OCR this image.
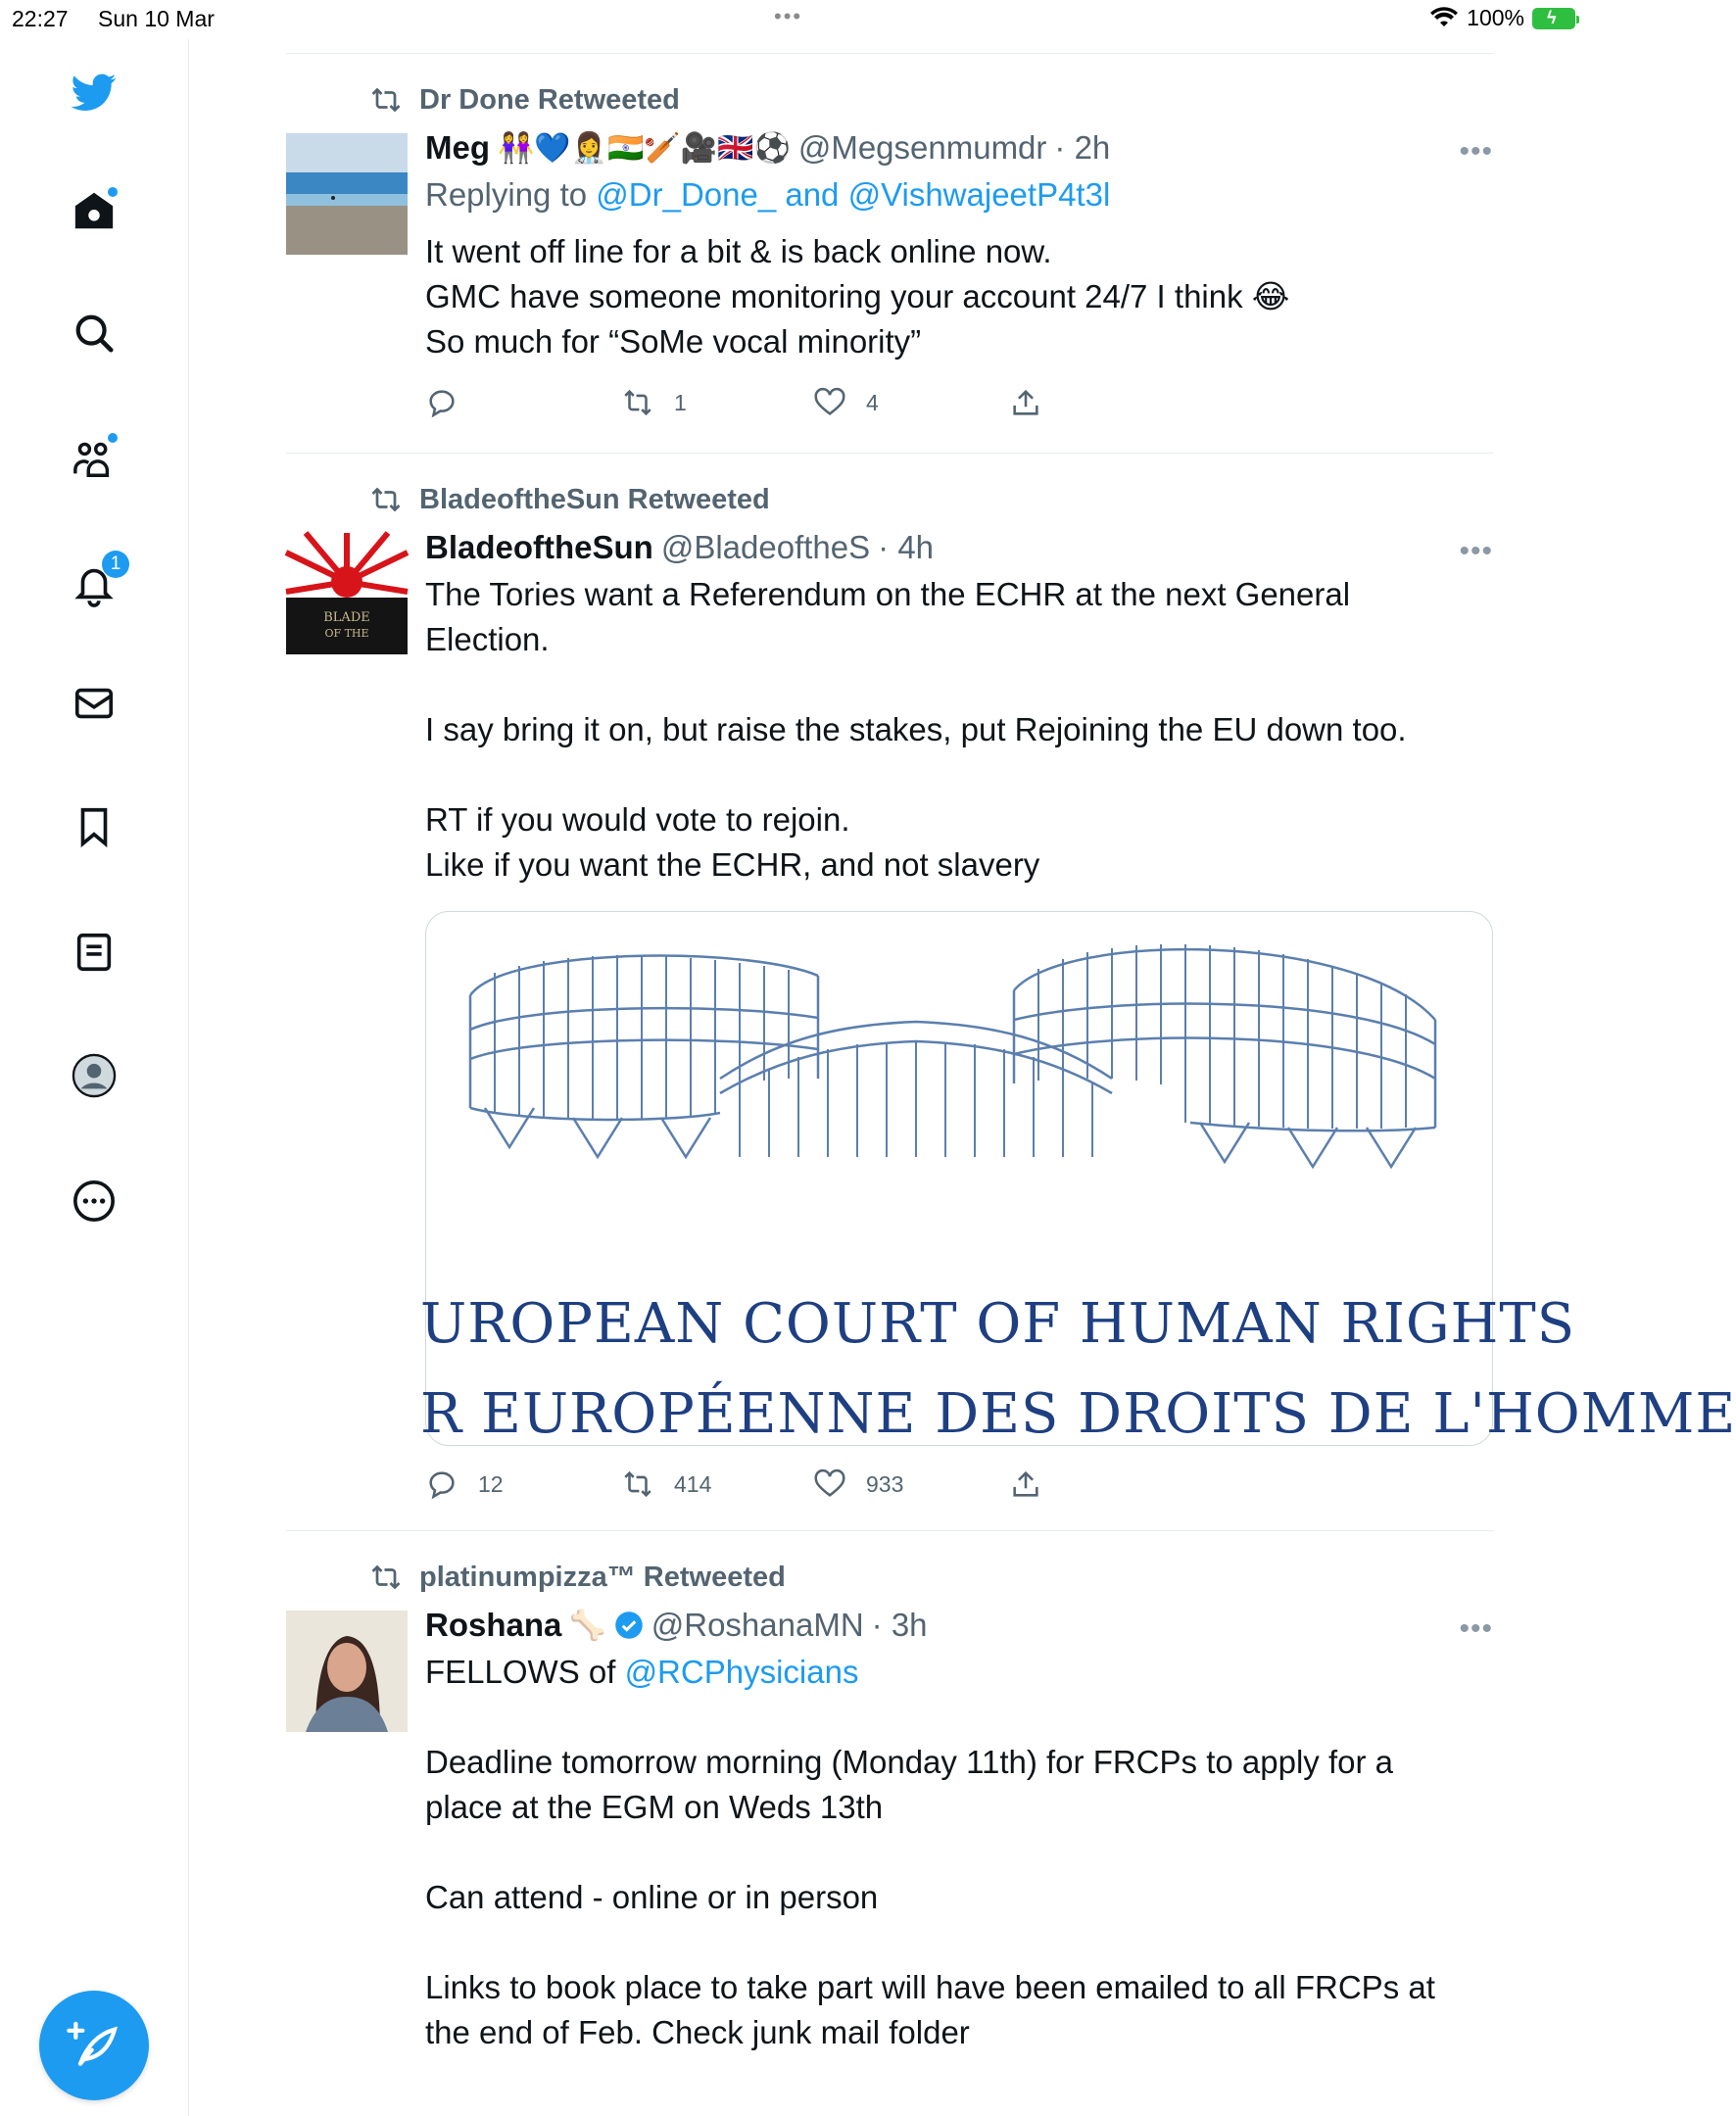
22:27 Sun 10 Mar	•••	100% ϟ
1
Dr Done Retweeted
Meg 👭💙👩‍⚕️🇮🇳🏏🎥🇬🇧⚽ @Megsenmumdr · 2h	•••

Replying to @Dr_Done_ and @VishwajeetP4t3l

It went off line for a bit & is back online now.

GMC have someone monitoring your account 24/7 I think 😂

So much for “SoMe vocal minority”

1	4
BladeoftheSun Retweeted
BLADE
OF THE
BladeoftheSun @BladeoftheS · 4h	•••

The Tories want a Referendum on the ECHR at the next General Election.

I say bring it on, but raise the stakes, put Rejoining the EU down too.

RT if you would vote to rejoin.

Like if you want the ECHR, and not slavery

UROPEAN COURT OF HUMAN RIGHTS
R EUROPÉENNE DES DROITS DE L'HOMME
12	414	933
platinumpizza™ Retweeted
Roshana 🦴 @RoshanaMN · 3h	•••

FELLOWS of @RCPhysicians

Deadline tomorrow morning (Monday 11th) for FRCPs to apply for a place at the EGM on Weds 13th

Can attend - online or in person

Links to book place to take part will have been emailed to all FRCPs at the end of Feb. Check junk mail folder
